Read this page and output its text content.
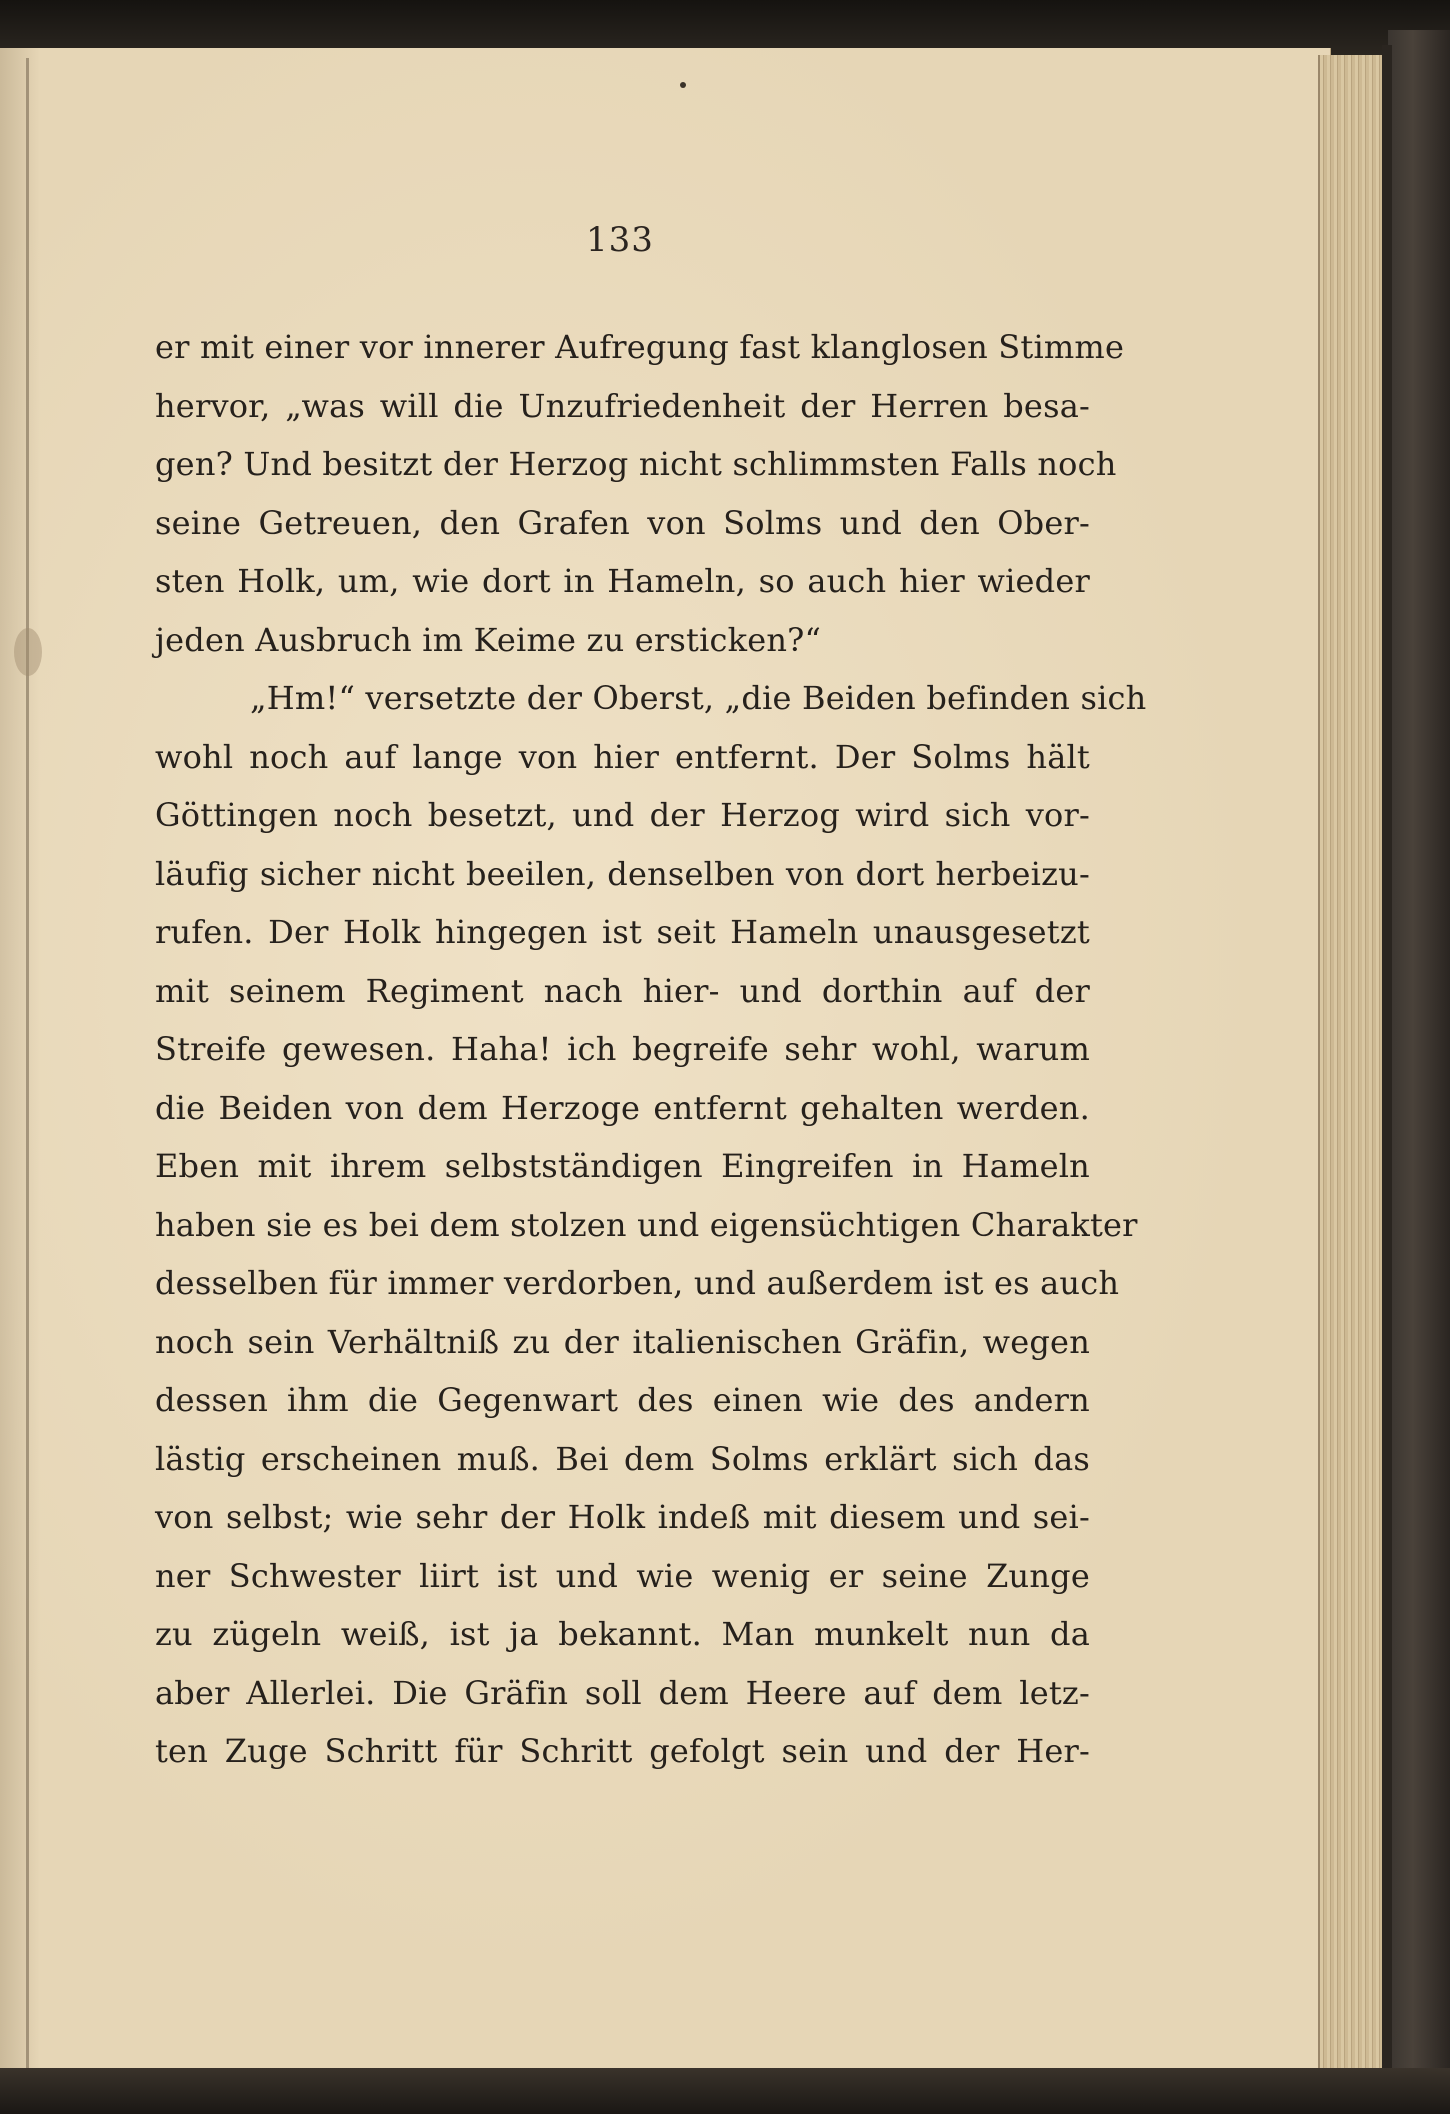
133
er mit einer vor innerer Aufregung fast klanglosen Stimme
hervor, „was will die Unzufriedenheit der Herren besa-
gen? Und besitzt der Herzog nicht schlimmsten Falls noch
seine Getreuen, den Grafen von Solms und den Ober-
sten Holk, um, wie dort in Hameln, so auch hier wieder
jeden Ausbruch im Keime zu ersticken?“
„Hm!“ versetzte der Oberst, „die Beiden befinden sich
wohl noch auf lange von hier entfernt. Der Solms hält
Göttingen noch besetzt, und der Herzog wird sich vor-
läufig sicher nicht beeilen, denselben von dort herbeizu-
rufen. Der Holk hingegen ist seit Hameln unausgesetzt
mit seinem Regiment nach hier- und dorthin auf der
Streife gewesen. Haha! ich begreife sehr wohl, warum
die Beiden von dem Herzoge entfernt gehalten werden.
Eben mit ihrem selbstständigen Eingreifen in Hameln
haben sie es bei dem stolzen und eigensüchtigen Charakter
desselben für immer verdorben, und außerdem ist es auch
noch sein Verhältniß zu der italienischen Gräfin, wegen
dessen ihm die Gegenwart des einen wie des andern
lästig erscheinen muß. Bei dem Solms erklärt sich das
von selbst; wie sehr der Holk indeß mit diesem und sei-
ner Schwester liirt ist und wie wenig er seine Zunge
zu zügeln weiß, ist ja bekannt. Man munkelt nun da
aber Allerlei. Die Gräfin soll dem Heere auf dem letz-
ten Zuge Schritt für Schritt gefolgt sein und der Her-
